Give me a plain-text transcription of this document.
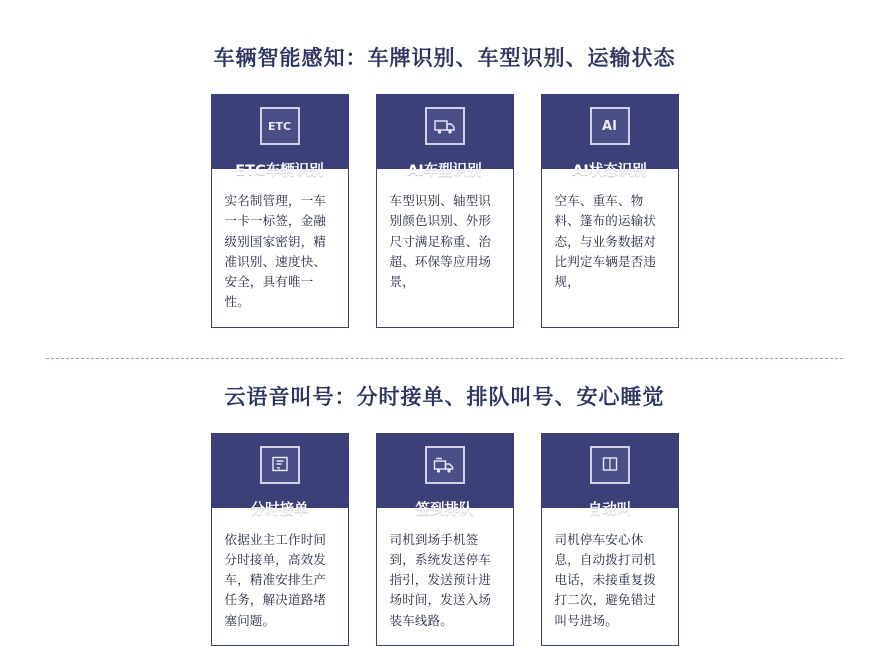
车辆智能感知：车牌识别、车型识别、运输状态
ETC
ETC车辆识别
实名制管理，一车一卡一标签，金融级别国家密钥，精准识别、速度快、安全，具有唯一性。
AI车型识别
车型识别、轴型识别颜色识别、外形尺寸满足称重、治超、环保等应用场景，
AI
AI状态识别
空车、重车、物料、篷布的运输状态，与业务数据对比判定车辆是否违规，
云语音叫号：分时接单、排队叫号、安心睡觉
分时接单
依据业主工作时间分时接单，高效发车，精准安排生产任务，解决道路堵塞问题。
签到排队
司机到场手机签到，系统发送停车指引，发送预计进场时间，发送入场装车线路。
自动叫
司机停车安心休息，自动拨打司机电话，未接重复拨打二次，避免错过叫号进场。
